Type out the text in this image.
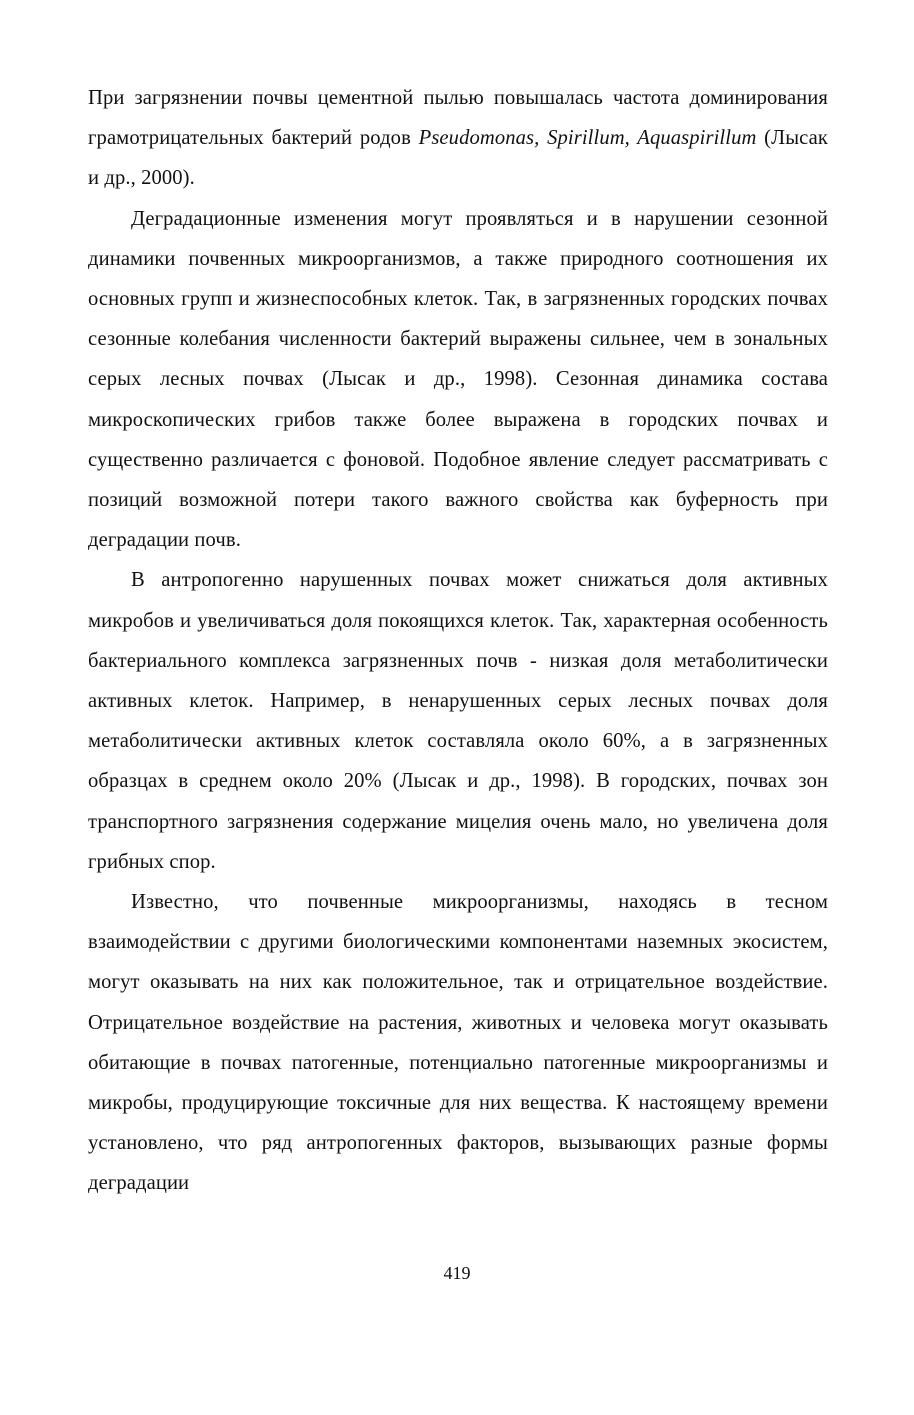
При загрязнении почвы цементной пылью повышалась частота доминирования грамотрицательных бактерий родов Pseudomonas, Spirillum, Aquaspirillum (Лысак и др., 2000).

Деградационные изменения могут проявляться и в нарушении сезонной динамики почвенных микроорганизмов, а также природного соотношения их основных групп и жизнеспособных клеток. Так, в загрязненных городских почвах сезонные колебания численности бактерий выражены сильнее, чем в зональных серых лесных почвах (Лысак и др., 1998). Сезонная динамика состава микроскопических грибов также более выражена в городских почвах и существенно различается с фоновой. Подобное явление следует рассматривать с позиций возможной потери такого важного свойства как буферность при деградации почв.

В антропогенно нарушенных почвах может снижаться доля активных микробов и увеличиваться доля покоящихся клеток. Так, характерная особенность бактериального комплекса загрязненных почв - низкая доля метаболитически активных клеток. Например, в ненарушенных серых лесных почвах доля метаболитически активных клеток составляла около 60%, а в загрязненных образцах в среднем около 20% (Лысак и др., 1998). В городских, почвах зон транспортного загрязнения содержание мицелия очень мало, но увеличена доля грибных спор.

Известно, что почвенные микроорганизмы, находясь в тесном взаимодействии с другими биологическими компонентами наземных экосистем, могут оказывать на них как положительное, так и отрицательное воздействие. Отрицательное воздействие на растения, животных и человека могут оказывать обитающие в почвах патогенные, потенциально патогенные микроорганизмы и микробы, продуцирующие токсичные для них вещества. К настоящему времени установлено, что ряд антропогенных факторов, вызывающих разные формы деградации

419
